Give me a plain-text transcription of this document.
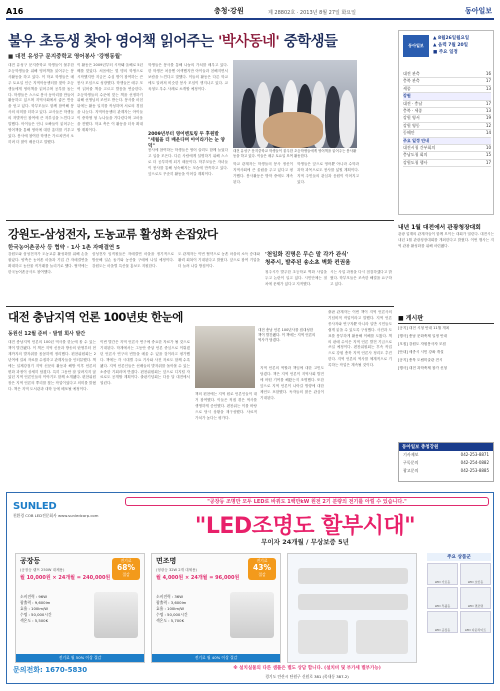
A16	충청·강원	제 28802호 · 2013년 8월 27일 화요일	동아일보
불우 초등생 찾아 영어책 읽어주는 '박사동네' 중학생들
■ 대전 유성구 문지중학교 영어봉사 '강병동월'

대전 유성구 문지중학교 학생들이 불우한 초등학생들을 위해 영어책을 읽어주는 봉사활동을 하고 있다. 이 학교 학생들은 매주 토요일 인근 지역아동센터를 찾아 초등생들에게 영어책을 읽어주며 공부를 돕는다. 학생들은 스스로 봉사 동아리를 만들어 활동하고 있으며 지역사회에서 좋은 반응을 얻고 있다. 학부모들도 함께 참여해 봉사의 의미를 더하고 있다. 교사들은 학생들의 자발적인 참여에 큰 자부심을 느낀다고 말했다. 아이들은 언니 오빠들이 읽어주는 영어책을 통해 영어에 대한 흥미를 키우고 있다. 봉사에 참여한 학생은 가르치면서 오히려 더 많이 배운다고 말했다.

이 활동은 2009년부터 시작돼 올해로 5년째를 맞았다. 처음에는 몇 명의 학생으로 시작했지만 지금은 수십 명이 참여하는 큰 봉사 모임으로 성장했다. 학생들은 매주 모여 읽어줄 책을 고르고 발음을 연습한다. 초등학생들의 수준에 맞는 책을 선정하기 위해 선생님의 조언도 받는다. 봉사를 마친 뒤에는 활동 일지를 작성하며 서로의 경험을 나눈다. 지역아동센터 관계자는 아이들이 중학생 형 누나들을 기다린다며 고마움을 전했다. 학교 측은 이 활동을 더욱 확대할 계획이다.

학생들은 봉사를 통해 나눔의 가치를 배우고 있다. 한 학생은 처음엔 어색했지만 아이들과 친해지면서 보람을 느낀다고 말했다. 이들의 활동은 다른 학교에도 알려져 비슷한 봉사 모임이 생겨나고 있다. 교육청도 우수 사례로 소개할 예정이다.

2009년부터 영어멘토링 두 후원발
"세월을 더 배운다며 아이라가는 눈 양덕"

봉사에 참여하는 학생들은 영어 실력도 함께 늘었다고 입을 모은다. 다른 사람에게 설명하기 위해 스스로 더 공부하게 되기 때문이다. 학부모들은 자녀들이 봉사를 통해 성숙해지는 모습에 만족하고 있다. 앞으로도 꾸준히 활동을 이어갈 계획이다.

대전 유성구 문지중학교 학생들이 불우한 초등학생들에게 영어책을 읽어주는 봉사활동을 하고 있다. 이들은 매주 토요일 모여 활동한다.

학교 관계자는 학생들의 봉사 정신이 지역사회에 큰 울림을 주고 있다고 평가했다. 봉사활동은 방학 중에도 계속된다.

학생들은 앞으로 영어뿐 아니라 수학과 과학 과목으로도 봉사를 넓힐 계획이다. 지역 주민들의 관심과 응원이 이어지고 있다.

동아일보
▲ 8월26일월요일
▲ 음력 7월 20일
■ 주요 일정
대전 관측	16
충북 관측	17
세종	13
강원
대전 · 충남	17
충북 · 세종	13
강원 영서	19
강원 영동	12
동해안	14
주요 일정 안내
대전시청 간부회의	10
충남도청 회의	15
강원도청 행사	17
내년 1월 대전에서 관광청장대회

관광 업계의 관계자들이 함께 모이는 대회가 열린다. 대전시는 내년 1월 관광청장대회를 개최한다고 밝혔다. 이번 행사는 지역 관광 활성화를 위해 마련됐다.

강원도-삼성전자, 도농교류 활성화 손잡았다
한국농어촌공사 등 협약 · 1사 1촌 자매결연 5

강원도와 삼성전자가 도농교류 활성화를 위해 손을 잡았다. 양측은 농어촌 마을과 기업 간 자매결연을 확대하고 농산물 직거래를 늘리기로 했다. 협약에는 한국농어촌공사도 참여했다.

삼성전자 임직원들은 자매결연 마을을 정기적으로 방문해 일손 돕기와 농산물 구매에 나설 예정이다. 강원도는 마을별 특산물 홍보도 지원한다.

도 관계자는 이번 협약으로 농촌 마을의 소득 증대와 활력 회복이 기대된다고 밝혔다. 앞으로 참여 기업을 더 늘려 나갈 방침이다.

'천일화 진명은 무슨 말 각가 관식'
청주시, 발주된 송소초 벽화 컨권움

청주시가 발주한 초등학교 벽화 사업을 두고 논란이 일고 있다. 시민단체는 절차에 문제가 있다고 지적했다.

시는 사업 과정을 다시 점검하겠다고 밝혔다. 학부모들은 조속한 해결을 요구하고 있다.

대전 충남지역 언론 100년史 한눈에
동원선 12월 준비 · 발열 회사 발간

대전 충남지역 언론의 100년 역사를 한눈에 볼 수 있는 책이 발간됐다. 이 책은 지역 신문과 방송의 탄생부터 현재까지의 발자취를 꼼꼼하게 정리했다. 편찬위원회는 2년여에 걸쳐 자료를 수집하고 관계자들을 인터뷰했다. 책에는 일제강점기 지역 신문의 활동과 해방 이후 언론의 변화 과정이 상세히 담겼다. 특히 그동안 잘 알려지지 않았던 지역 언론인들의 이야기도 함께 소개됐다. 편찬위원장은 지역 언론의 뿌리를 찾는 작업이었다고 의미를 밝혔다. 책은 지역 도서관과 대학 등에 배포될 예정이다.

이번 발간은 지역 언론사 연구에 중요한 자료가 될 것으로 기대된다. 학계에서는 그동안 중앙 언론 중심으로 이뤄졌던 언론사 연구의 빈틈을 메울 수 있을 것이라고 평가했다. 책에는 각 시대별 주요 기사와 사진 자료도 함께 수록됐다. 지역 언론인들은 선배들의 발자취를 돌아볼 수 있는 소중한 기회라며 반겼다. 편찬위원회는 앞으로 디지털 자료로도 공개할 계획이다. 출판기념회는 다음 달 대전에서 열린다.

대전 충남 언론 100년사를 집대성한 책이 발간됐다. 이 책에는 지역 언론의 역사가 담겼다.

책의 편찬에는 지역 원로 언론인들이 대거 참여했다. 이들은 직접 겪은 역사를 생생하게 증언했다. 편찬위는 이를 바탕으로 당시 상황을 재구성했다. 사료적 가치가 높다는 평가다.

지역 언론의 역할과 책임에 대한 고민도 담겼다. 책은 지역 언론이 지역사회 발전에 어떤 기여를 해왔는지 조명했다. 또한 앞으로 지역 언론이 나아갈 방향에 대한 제언도 포함했다. 독자들의 많은 관심이 기대된다.

출판 관계자는 이번 책이 지역 언론사의 기념비적 작업이라고 말했다. 지역 언론 종사자와 연구자뿐 아니라 일반 시민들도 쉽게 읽을 수 있도록 구성했다. 사진과 도표를 풍부하게 활용해 이해를 도왔다. 책의 판매 수익은 지역 언론 발전 기금으로 쓰일 예정이다. 편찬위원회는 후속 작업으로 강원 충북 지역 언론사 정리도 추진한다. 지역 언론의 역사를 체계적으로 기록하는 작업은 계속될 것이다.

■ 게시판
[공지] 대전 시청 안내 11월 개최
[행사] 충남 문화축제 일정 안내
[모집] 강원도 자원봉사자 모집
[안내] 세종시 시민 강좌 개설
[공지] 충북 도립미술관 전시
[행사] 대전 과학축제 참가 신청
동아일보 충청강원
기사제보	042-253-8871
구독문의	042-254-0882
광고문의	042-253-8885
SUNLED
친환경 COB LED전문회사 www.sunledcorp.com
"공장등 조명만 모두 LED로 바꿔도 1백만kW 원전 2기 분량의 전기를 아낄 수 있습니다."
"LED조명도 할부시대"
무이자 24개월 / 무상보증 5년
공장등
(공장등 램프 250W 대체용)
월 10,000원 × 24개월 = 240,000원
전기료
68%
절감
소비전력 : 96W
광출력 : 9,600lm
효율 : 100lm/W
수명 : 50,000시간
색온도 : 5,500K
전기료 월 50% 이상 절감
면조명
(형광등 32W 2개 대체용)
월 4,000원 × 24개월 = 96,000원
전기료
43%
절감
소비전력 : 36W
광출력 : 3,600lm
효율 : 100lm/W
수명 : 50,000시간
색온도 : 5,700K
전기료 월 40% 이상 절감
주요 상품군
LED 가로등	LED 보안등
LED 투광등	LED 면조명
LED 공장등	LED 다운라이트
문의전화: 1670-5830	※ 설치실물의 다른 샘플은 별도 상담 합니다. (설치비 및 부가세 별부가능)
경기도 안산시 단원구 신원로 381 (목내동 387-2)
